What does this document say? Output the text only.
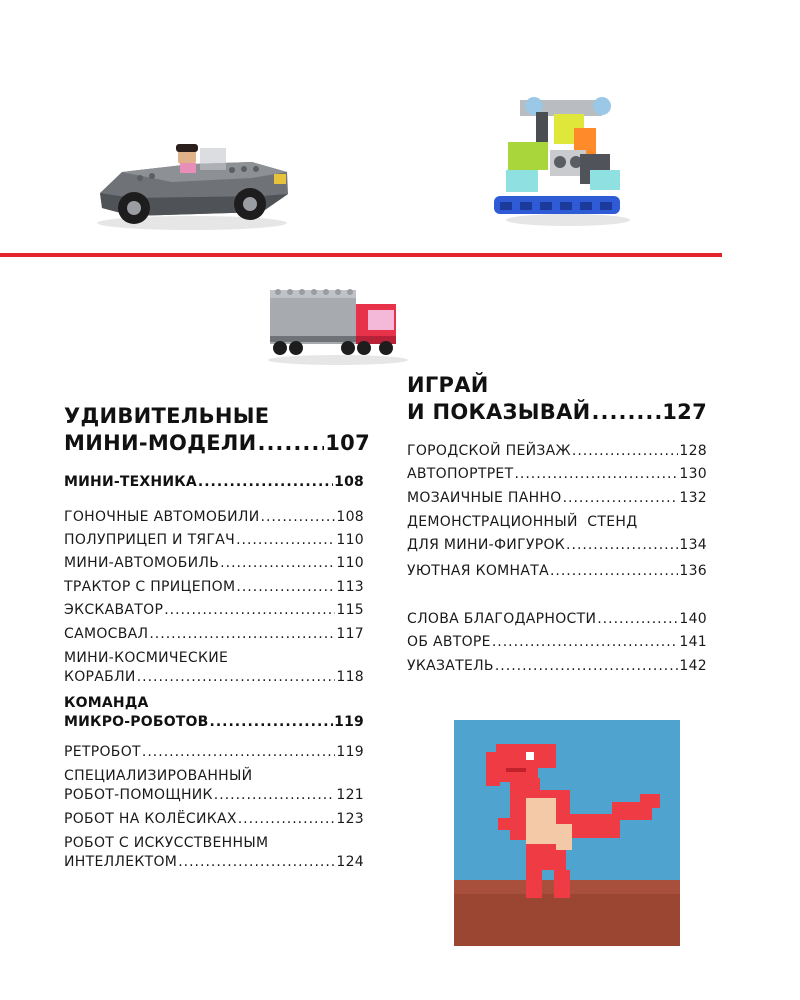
УДИВИТЕЛЬНЫЕ
МИНИ-МОДЕЛИ .....	107
МИНИ-ТЕХНИКА .....	108
ГОНОЧНЫЕ АВТОМОБИЛИ .....	108
ПОЛУПРИЦЕП И ТЯГАЧ .....	110
МИНИ-АВТОМОБИЛЬ .....	110
ТРАКТОР С ПРИЦЕПОМ .....	113
ЭКСКАВАТОР .....	115
САМОСВАЛ .....	117
МИНИ-КОСМИЧЕСКИЕ
КОРАБЛИ .....	118
КОМАНДА
МИКРО-РОБОТОВ .....	119
РЕТРОБОТ .....	119
СПЕЦИАЛИЗИРОВАННЫЙ
РОБОТ-ПОМОЩНИК .....	121
РОБОТ НА КОЛЁСИКАХ .....	123
РОБОТ С ИСКУССТВЕННЫМ
ИНТЕЛЛЕКТОМ .....	124
ИГРАЙ
И ПОКАЗЫВАЙ .....	127
ГОРОДСКОЙ ПЕЙЗАЖ .....	128
АВТОПОРТРЕТ .....	130
МОЗАИЧНЫЕ ПАННО .....	132
ДЕМОНСТРАЦИОННЫЙ  СТЕНД
ДЛЯ МИНИ-ФИГУРОК .....	134
УЮТНАЯ КОМНАТА .....	136
СЛОВА БЛАГОДАРНОСТИ .....	140
ОБ АВТОРЕ .....	141
УКАЗАТЕЛЬ .....	142
